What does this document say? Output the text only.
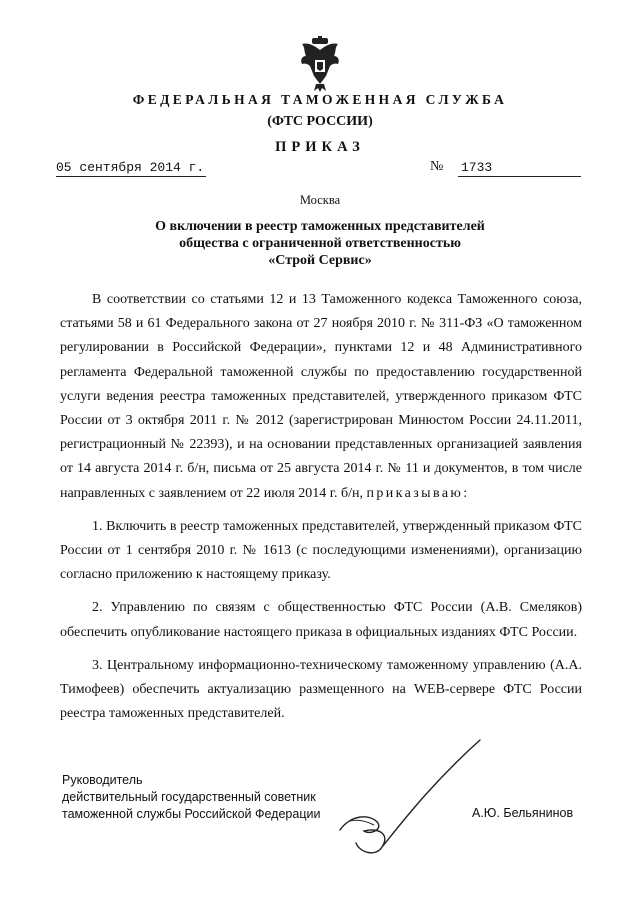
ФЕДЕРАЛЬНАЯ ТАМОЖЕННАЯ СЛУЖБА
(ФТС РОССИИ)
ПРИКАЗ
05 сентября 2014 г.	№ 1733
Москва
О включении в реестр таможенных представителей
общества с ограниченной ответственностью
«Строй Сервис»

В соответствии со статьями 12 и 13 Таможенного кодекса Таможенного союза, статьями 58 и 61 Федерального закона от 27 ноября 2010 г. № 311-ФЗ «О таможенном регулировании в Российской Федерации», пунктами 12 и 48 Административного регламента Федеральной таможенной службы по предоставлению государственной услуги ведения реестра таможенных представителей, утвержденного приказом ФТС России от 3 октября 2011 г. № 2012 (зарегистрирован Минюстом России 24.11.2011, регистрационный № 22393), и на основании представленных организацией заявления от 14 августа 2014 г. б/н, письма от 25 августа 2014 г. № 11 и документов, в том числе направленных с заявлением от 22 июля 2014 г. б/н, приказываю:

1. Включить в реестр таможенных представителей, утвержденный приказом ФТС России от 1 сентября 2010 г. № 1613 (с последующими изменениями), организацию согласно приложению к настоящему приказу.

2. Управлению по связям с общественностью ФТС России (А.В. Смеляков) обеспечить опубликование настоящего приказа в официальных изданиях ФТС России.

3. Центральному информационно-техническому таможенному управлению (А.А. Тимофеев) обеспечить актуализацию размещенного на WEB-сервере ФТС России реестра таможенных представителей.

Руководитель
действительный государственный советник
таможенной службы Российской Федерации	А.Ю. Бельянинов
